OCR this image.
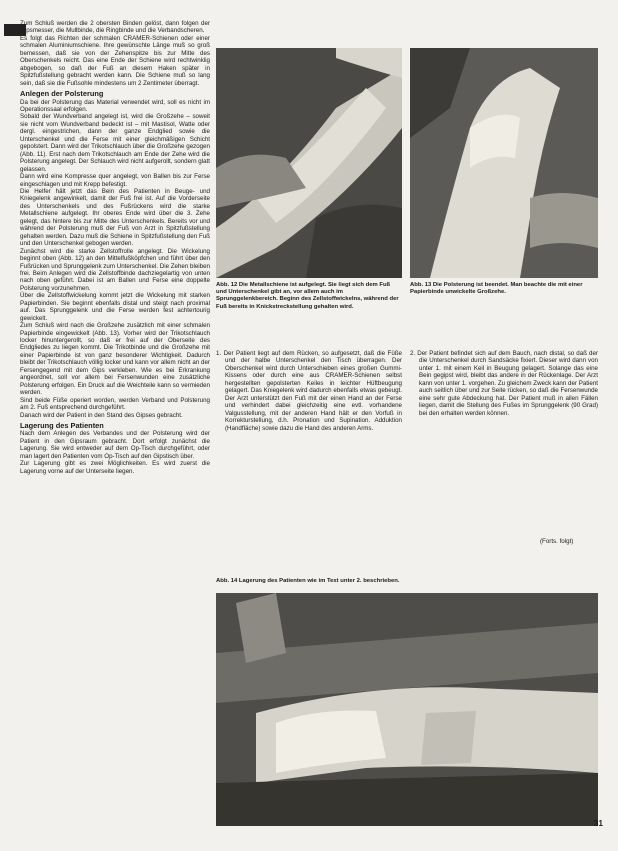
Zum Schluß werden die 2 obersten Binden gelöst, dann folgen der Gipsmesser, die Mullbinde, die Ringbinde und die Verbandscheren.

Es folgt das Richten der schmalen CRAMER-Schienen oder einer schmalen Aluminiumschiene. Ihre gewünschte Länge muß so groß bemessen, daß sie von der Zehenspitze bis zur Mitte des Oberschenkels reicht. Das eine Ende der Schiene wird rechtwinklig abgebogen, so daß der Fuß an diesem Haken später in Spitzfußstellung gebracht werden kann. Die Schiene muß so lang sein, daß sie die Fußsohle mindestens um 2 Zentimeter überragt.

Anlegen der Polsterung

Da bei der Polsterung das Material verwendet wird, soll es nicht im Operationssaal erfolgen.

Sobald der Wundverband angelegt ist, wird die Großzehe – soweit sie nicht vom Wundverband bedeckt ist – mit Mastisol, Watte oder dergl. eingestrichen, dann der ganze Endglied sowie die Unterschenkel und die Ferse mit einer gleichmäßigen Schicht gepolstert. Dann wird der Trikotschlauch über die Großzehe gezogen (Abb. 11). Erst nach dem Trikotschlauch am Ende der Zehe wird die Polsterung angelegt. Der Schlauch wird nicht aufgerollt, sondern glatt gelassen.

Dann wird eine Kompresse quer angelegt, von Ballen bis zur Ferse eingeschlagen und mit Krepp befestigt.

Die Helfer hält jetzt das Bein des Patienten in Beuge- und Kniegelenk angewinkelt, damit der Fuß frei ist. Auf die Vorderseite des Unterschenkels und des Fußrückens wird die starke Metallschiene aufgelegt. Ihr oberes Ende wird über die 3. Zehe gelegt, das hintere bis zur Mitte des Unterschenkels. Bereits vor und während der Polsterung muß der Fuß von Arzt in Spitzfußstellung gehalten werden. Dazu muß die Schiene in Spitzfußstellung den Fuß und den Unterschenkel gebogen werden.

Zunächst wird die starke Zellstoffrolle angelegt. Die Wickelung beginnt oben (Abb. 12) an den Mittelfußköpfchen und führt über den Fußrücken und Sprunggelenk zum Unterschenkel. Die Zehen bleiben frei. Beim Anlegen wird die Zellstoffbinde dachziegelartig von unten nach oben geführt. Dabei ist am Ballen und Ferse eine doppelte Polsterung vorzunehmen.

Über die Zellstoffwickelung kommt jetzt die Wickelung mit starken Papierbinden. Sie beginnt ebenfalls distal und steigt nach proximal auf. Das Sprunggelenk und die Ferse werden fest achtertourig gewickelt.

Zum Schluß wird nach die Großzehe zusätzlich mit einer schmalen Papierbinde eingewickelt (Abb. 13). Vorher wird der Trikotschlauch locker hinuntergerollt, so daß er frei auf der Oberseite des Endgliedes zu liegen kommt. Die Trikotbinde und die Großzehe mit einer Papierbinde ist von ganz besonderer Wichtigkeit. Dadurch bleibt der Trikotschlauch völlig locker und kann vor allem nicht an der Fersengegend mit dem Gips verkleben. Wie es bei Erkrankung angeordnet, soll vor allem bei Fersenwunden eine zusätzliche Polsterung erfolgen. Ein Druck auf die Weichteile kann so vermieden werden.

Sind beide Füße operiert worden, werden Verband und Polsterung am 2. Fuß entsprechend durchgeführt.

Danach wird der Patient in den Stand des Gipses gebracht.

Lagerung des Patienten

Nach dem Anlegen des Verbandes und der Polsterung wird der Patient in den Gipsraum gebracht. Dort erfolgt zunächst die Lagerung. Sie wird entweder auf dem Op-Tisch durchgeführt, oder man lagert den Patienten vom Op-Tisch auf den Gipstisch über.

Zur Lagerung gibt es zwei Möglichkeiten. Es wird zuerst die Lagerung vorne auf der Unterseite liegen.

Abb. 12 Die Metallschiene ist aufgelegt. Sie liegt sich dem Fuß und Unterschenkel gibt an, vor allem auch im Sprunggelenkbereich. Beginn des Zellstoffwickelns, während der Fuß bereits in Knickstreckstellung gehalten wird.
Abb. 13 Die Polsterung ist beendet. Man beachte die mit einer Papierbinde unwickelte Großzehe.

1. Der Patient liegt auf dem Rücken, so aufgesetzt, daß die Füße und der halbe Unterschenkel den Tisch überragen. Der Oberschenkel wird durch Unterschieben eines großen Gummi-Kissens oder durch eine aus CRAMER-Schienen selbst hergestellten gepolsterten Keiles in leichter Hüftbeugung gelagert. Das Kniegelenk wird dadurch ebenfalls etwas gebeugt. Der Arzt unterstützt den Fuß mit der einen Hand an der Ferse und verhindert dabei gleichzeitig eine evtl. vorhandene Valgusstellung, mit der anderen Hand hält er den Vorfuß in Korrekturstellung, d.h. Pronation und Supination. Adduktion (Handfläche) sowie dazu die Hand des anderen Arms.

2. Der Patient befindet sich auf dem Bauch, nach distal, so daß der die Unterschenkel durch Sandsäcke fixiert. Dieser wird dann von unter 1. mit einem Keil in Beugung gelagert. Solange das eine Bein gegipst wird, bleibt das andere in der Rückenlage. Der Arzt kann von unter 1. vorgehen. Zu gleichem Zweck kann der Patient auch seitlich über und zur Seite rücken, so daß die Fersenwunde eine sehr gute Abdeckung hat. Der Patient muß in allen Fällen liegen, damit die Stellung des Fußes im Sprunggelenk (90 Grad) bei den erhalten werden können.

(Forts. folgt)
Abb. 14 Lagerung des Patienten wie im Text unter 2. beschrieben.
31
